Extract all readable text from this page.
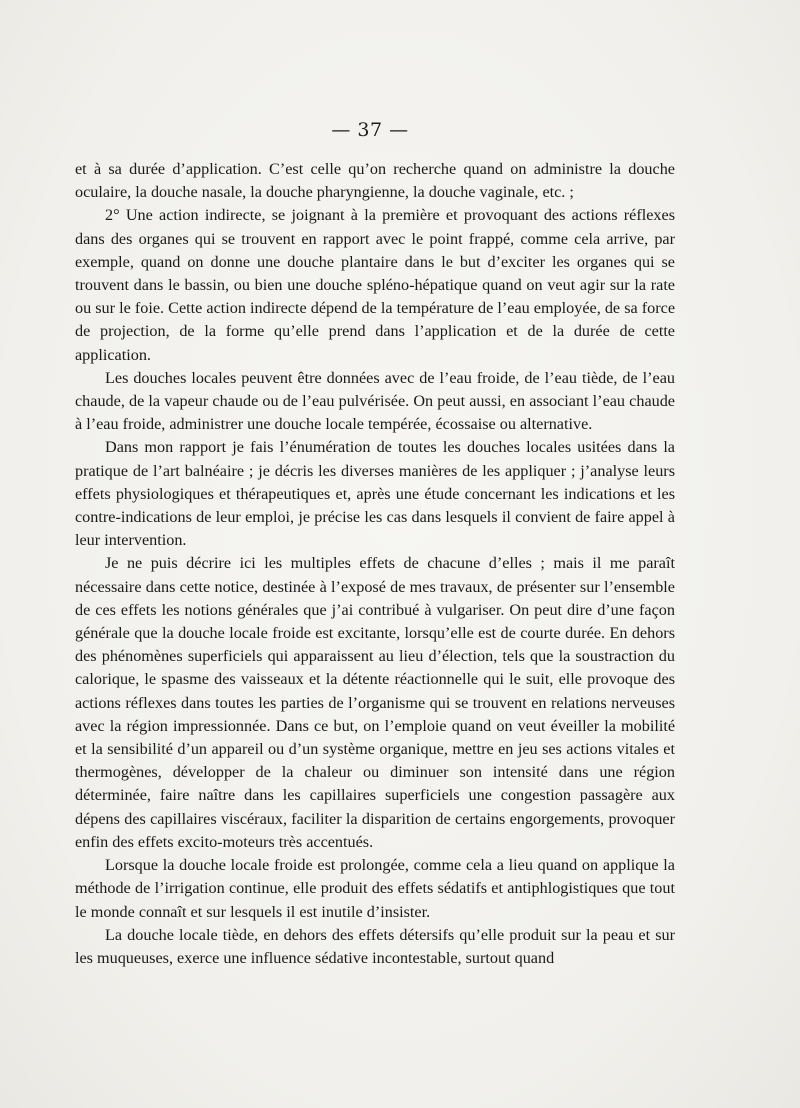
— 37 —

et à sa durée d’application. C’est celle qu’on recherche quand on administre la douche oculaire, la douche nasale, la douche pharyngienne, la douche vaginale, etc. ;

2° Une action indirecte, se joignant à la première et provoquant des actions réflexes dans des organes qui se trouvent en rapport avec le point frappé, comme cela arrive, par exemple, quand on donne une douche plantaire dans le but d’exciter les organes qui se trouvent dans le bassin, ou bien une douche spléno-hépatique quand on veut agir sur la rate ou sur le foie. Cette action indirecte dépend de la température de l’eau employée, de sa force de projection, de la forme qu’elle prend dans l’application et de la durée de cette application.

Les douches locales peuvent être données avec de l’eau froide, de l’eau tiède, de l’eau chaude, de la vapeur chaude ou de l’eau pulvérisée. On peut aussi, en associant l’eau chaude à l’eau froide, administrer une douche locale tempérée, écossaise ou alternative.

Dans mon rapport je fais l’énumération de toutes les douches locales usitées dans la pratique de l’art balnéaire ; je décris les diverses manières de les appliquer ; j’analyse leurs effets physiologiques et thérapeutiques et, après une étude concernant les indications et les contre-indications de leur emploi, je précise les cas dans lesquels il convient de faire appel à leur intervention.

Je ne puis décrire ici les multiples effets de chacune d’elles ; mais il me paraît nécessaire dans cette notice, destinée à l’exposé de mes travaux, de présenter sur l’ensemble de ces effets les notions générales que j’ai contribué à vulgariser. On peut dire d’une façon générale que la douche locale froide est excitante, lorsqu’elle est de courte durée. En dehors des phénomènes superficiels qui apparaissent au lieu d’élection, tels que la soustraction du calorique, le spasme des vaisseaux et la détente réactionnelle qui le suit, elle provoque des actions réflexes dans toutes les parties de l’organisme qui se trouvent en relations nerveuses avec la région impressionnée. Dans ce but, on l’emploie quand on veut éveiller la mobilité et la sensibilité d’un appareil ou d’un système organique, mettre en jeu ses actions vitales et thermogènes, développer de la chaleur ou diminuer son intensité dans une région déterminée, faire naître dans les capillaires superficiels une congestion passagère aux dépens des capillaires viscéraux, faciliter la disparition de certains engorgements, provoquer enfin des effets excito-moteurs très accentués.

Lorsque la douche locale froide est prolongée, comme cela a lieu quand on applique la méthode de l’irrigation continue, elle produit des effets sédatifs et antiphlogistiques que tout le monde connaît et sur lesquels il est inutile d’insister.

La douche locale tiède, en dehors des effets détersifs qu’elle produit sur la peau et sur les muqueuses, exerce une influence sédative incontestable, surtout quand
